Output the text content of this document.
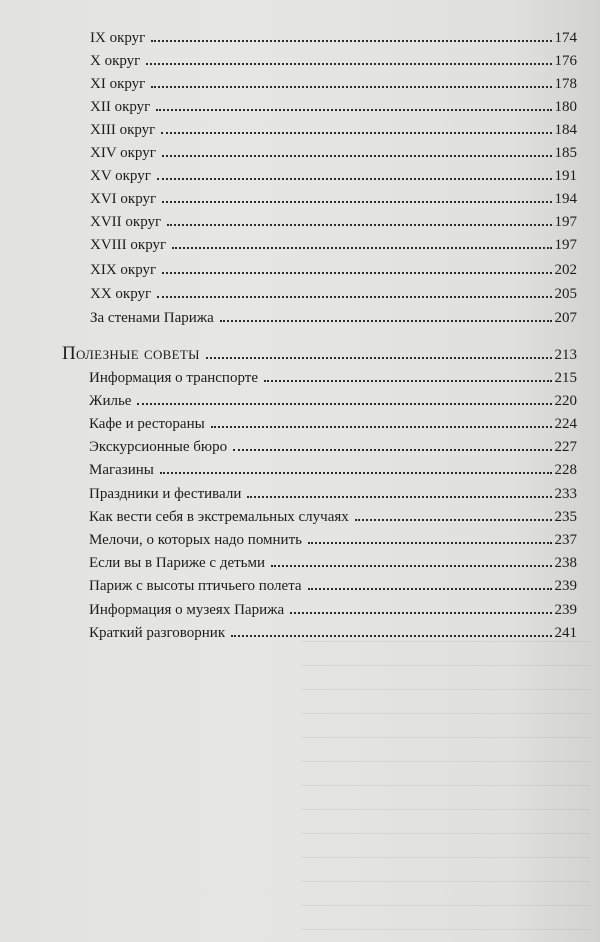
IX округ	174
X округ	176
XI округ	178
XII округ	180
XIII округ	184
XIV округ	185
XV округ	191
XVI округ	194
XVII округ	197
XVIII округ	197
XIX округ	202
XX округ	205
За стенами Парижа	207
Полезные советы	213
Информация о транспорте	215
Жилье	220
Кафе и рестораны	224
Экскурсионные бюро	227
Магазины	228
Праздники и фестивали	233
Как вести себя в экстремальных случаях	235
Мелочи, о которых надо помнить	237
Если вы в Париже с детьми	238
Париж с высоты птичьего полета	239
Информация о музеях Парижа	239
Краткий разговорник	241
